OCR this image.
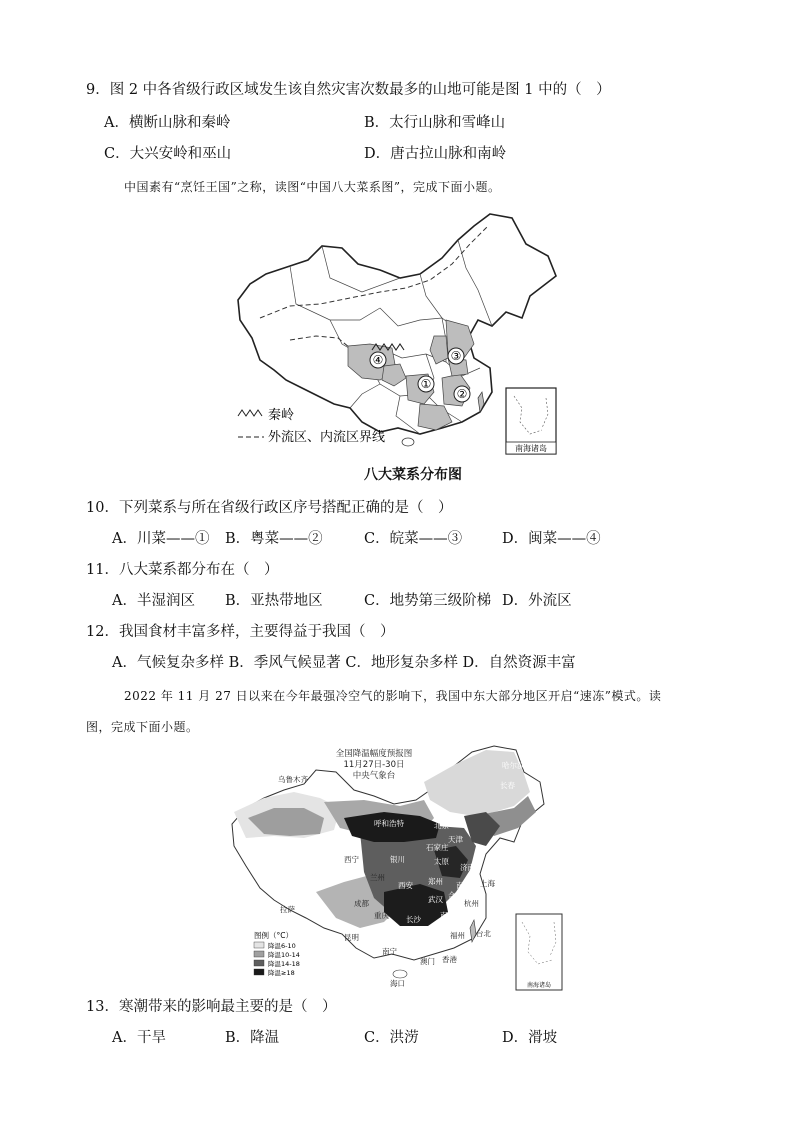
9．图 2 中各省级行政区域发生该自然灾害次数最多的山地可能是图 1 中的（　）
A．横断山脉和秦岭	B．太行山脉和雪峰山
C．大兴安岭和巫山	D．唐古拉山脉和南岭
中国素有“烹饪王国”之称，读图“中国八大菜系图”，完成下面小题。
④
①
②
③
秦岭
外流区、内流区界线
南海诸岛
八大菜系分布图
10．下列菜系与所在省级行政区序号搭配正确的是（　）
A．川菜——① B．粤菜——②	C．皖菜——③	D．闽菜——④
11．八大菜系都分布在（　）
A．半湿润区 B．亚热带地区	C．地势第三级阶梯 D．外流区
12．我国食材丰富多样，主要得益于我国（　）
A．气候复杂多样 B．季风气候显著 C．地形复杂多样 D．自然资源丰富
2022 年 11 月 27 日以来在今年最强冷空气的影响下，我国中东大部分地区开启“速冻”模式。读
图，完成下面小题。
全国降温幅度预报图
11月27日-30日
中央气象台
乌鲁木齐
哈尔滨
长春
呼和浩特	北京
天津
石家庄
太原
银川
西宁
兰州
济南
郑州
西安	南京 上海
合肥
武汉	杭州
成都
重庆 长沙	南昌
拉萨
贵阳	福州 台北
昆明
南宁
广州
香港
澳门
海口
图例（°C）
降温6-10
降温10-14
降温14-18
降温≥18
南海诸岛
13．寒潮带来的影响最主要的是（　）
A．干旱	B．降温	C．洪涝	D．滑坡
